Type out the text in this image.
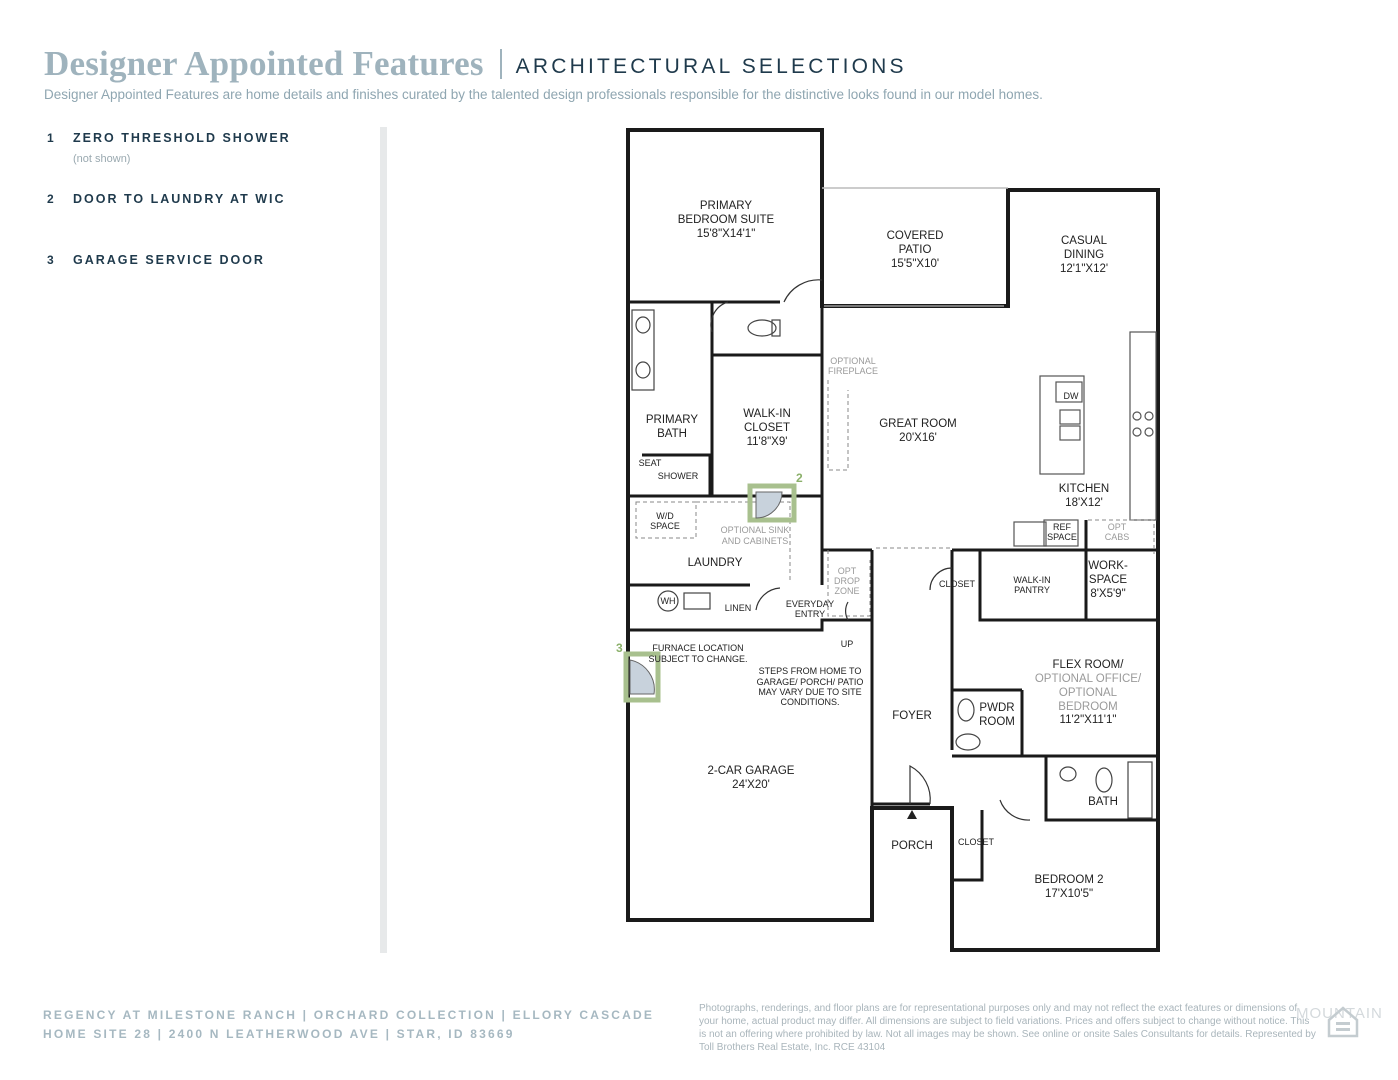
Designer Appointed Features ARCHITECTURAL SELECTIONS
Designer Appointed Features are home details and finishes curated by the talented design professionals responsible for the distinctive looks found in our model homes.
1 ZERO THRESHOLD SHOWER
(not shown)
2 DOOR TO LAUNDRY AT WIC
3 GARAGE SERVICE DOOR
2
3
PRIMARY
BEDROOM SUITE
15'8"X14'1"	COVERED
PATIO
15'5"X10'
CASUAL
DINING
12'1"X12'
PRIMARY
BATH
WALK-IN
CLOSET
11'8"X9'
GREAT ROOM
20'X16'
KITCHEN
18'X12'
LAUNDRY	WORK-
SPACE
8'X5'9"
FLEX ROOM/
OPTIONAL OFFICE/
OPTIONAL
BEDROOM
11'2"X11'1"
PWDR
ROOM
FOYER
2-CAR GARAGE
24'X20'
BATH
PORCH
BEDROOM 2
17'X10'5"
OPTIONAL
FIREPLACE
DW
SEAT
SHOWER
W/D
SPACE	OPTIONAL SINK
AND CABINETS
REF
SPACE
OPT
CABS
OPT
DROP
ZONE
CLOSET	WALK-IN
PANTRY
WH
LINEN	EVERYDAY
ENTRY
UP
FURNACE LOCATION
SUBJECT TO CHANGE.
STEPS FROM HOME TO
GARAGE/ PORCH/ PATIO
MAY VARY DUE TO SITE
CONDITIONS.
CLOSET
REGENCY AT MILESTONE RANCH | ORCHARD COLLECTION | ELLORY CASCADE
HOME SITE 28 | 2400 N LEATHERWOOD AVE | STAR, ID 83669
Photographs, renderings, and floor plans are for representational purposes only and may not reflect the exact features or dimensions of your home, actual product may differ. All dimensions are subject to field variations. Prices and offers subject to change without notice. This is not an offering where prohibited by law. Not all images may be shown. See online or onsite Sales Consultants for details. Represented by Toll Brothers Real Estate, Inc. RCE 43104
MOUNTAIN
